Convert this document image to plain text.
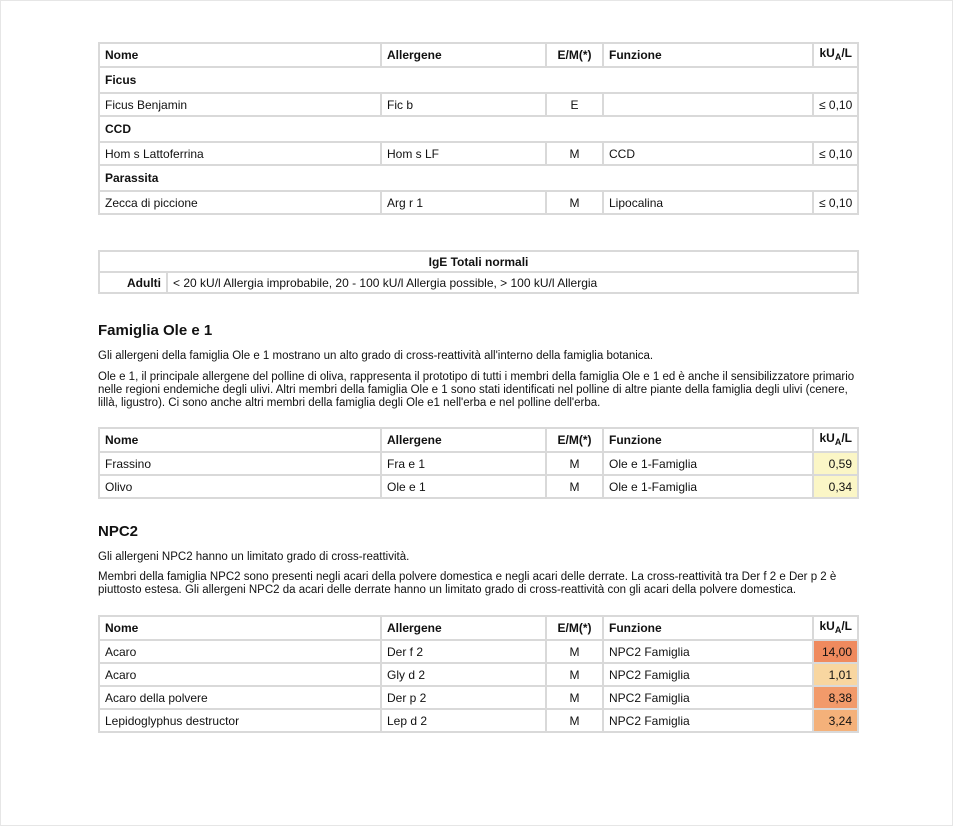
Nome	Allergene	E/M(*)	Funzione	$kU_A/L$
Ficus				
Ficus Benjamin	Fic b	E		≤ 0,10
CCD				
Hom s Lattoferrina	Hom s LF	M	CCD	≤ 0,10
Parassita				
Zecca di piccione	Arg r 1	M	Lipocalina	≤ 0,10
IgE Totali normali
Adulti	< 20 kU/l Allergia improbabile, 20 - 100 kU/l Allergia possible, > 100 kU/l Allergia
Famiglia Ole e 1

Gli allergeni della famiglia Ole e 1 mostrano un alto grado di cross-reattività all'interno della famiglia botanica.

Ole e 1, il principale allergene del polline di oliva, rappresenta il prototipo di tutti i membri della famiglia Ole e 1 ed è anche il sensibilizzatore primario nelle regioni endemiche degli ulivi. Altri membri della famiglia Ole e 1 sono stati identificati nel polline di altre piante della famiglia degli ulivi (cenere, lillà, ligustro). Ci sono anche altri membri della famiglia degli Ole e1 nell'erba e nel polline dell'erba.

Nome	Allergene	E/M(*)	Funzione	$kU_A/L$
Frassino	Fra e 1	M	Ole e 1-Famiglia	0,59
Olivo	Ole e 1	M	Ole e 1-Famiglia	0,34
NPC2

Gli allergeni NPC2 hanno un limitato grado di cross-reattività.

Membri della famiglia NPC2 sono presenti negli acari della polvere domestica e negli acari delle derrate. La cross-reattività tra Der f 2 e Der p 2 è piuttosto estesa. Gli allergeni NPC2 da acari delle derrate hanno un limitato grado di cross-reattività con gli acari della polvere domestica.

Nome	Allergene	E/M(*)	Funzione	$kU_A/L$
Acaro	Der f 2	M	NPC2 Famiglia	14,00
Acaro	Gly d 2	M	NPC2 Famiglia	1,01
Acaro della polvere	Der p 2	M	NPC2 Famiglia	8,38
Lepidoglyphus destructor	Lep d 2	M	NPC2 Famiglia	3,24
